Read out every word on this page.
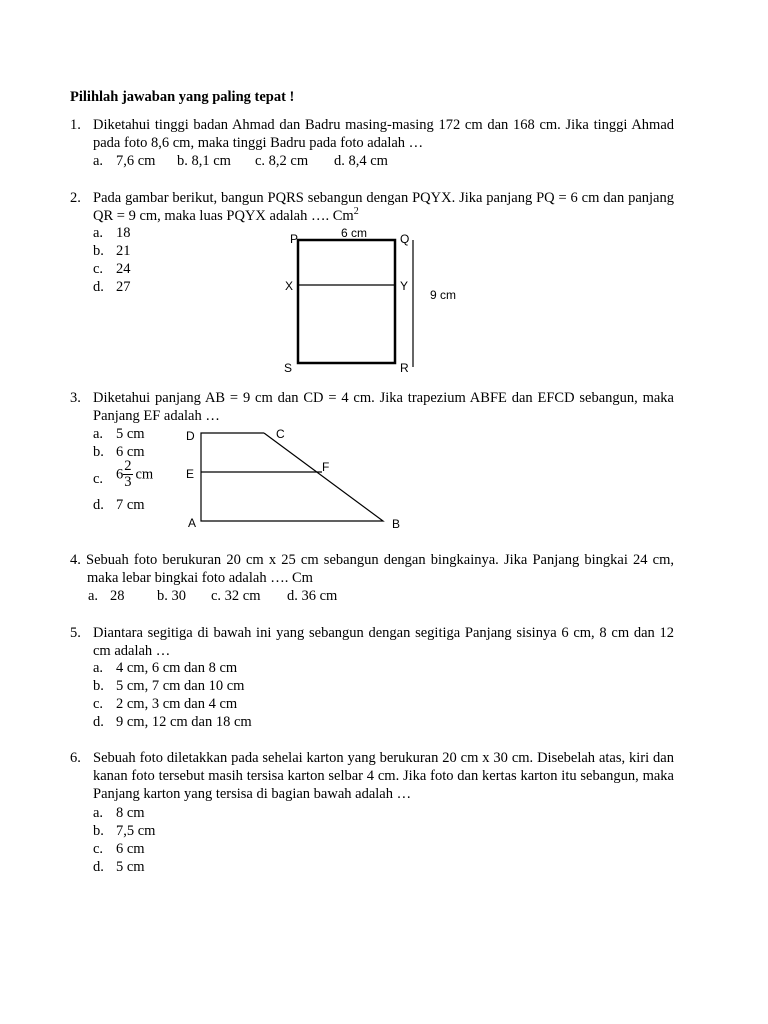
Pilihlah jawaban yang paling tepat !
1. Diketahui tinggi badan Ahmad dan Badru masing-masing 172 cm dan 168 cm. Jika tinggi Ahmad pada foto 8,6 cm, maka tinggi Badru pada foto adalah …
a. 7,6 cm b. 8,1 cm c. 8,2 cm d. 8,4 cm
2. Pada gambar berikut, bangun PQRS sebangun dengan PQYX. Jika panjang PQ = 6 cm dan panjang QR = 9 cm, maka luas PQYX adalah …. Cm$^2$
a. 18
b. 21
c. 24
d. 27
P	6 cm	Q
X	Y
9 cm
S	R
3. Diketahui panjang AB = 9 cm dan CD = 4 cm. Jika trapezium ABFE dan EFCD sebangun, maka Panjang EF adalah …
a. 5 cm
b. 6 cm
c. $6 \frac{2}{3}$ cm
d. 7 cm
D	C
E	F
A	B
4. Sebuah foto berukuran 20 cm x 25 cm sebangun dengan bingkainya. Jika Panjang bingkai 24 cm, maka lebar bingkai foto adalah …. Cm
a. 28 b. 30 c. 32 cm d. 36 cm
5. Diantara segitiga di bawah ini yang sebangun dengan segitiga Panjang sisinya 6 cm, 8 cm dan 12 cm adalah …
a. 4 cm, 6 cm dan 8 cm
b. 5 cm, 7 cm dan 10 cm
c. 2 cm, 3 cm dan 4 cm
d. 9 cm, 12 cm dan 18 cm
6. Sebuah foto diletakkan pada sehelai karton yang berukuran 20 cm x 30 cm. Disebelah atas, kiri dan kanan foto tersebut masih tersisa karton selbar 4 cm. Jika foto dan kertas karton itu sebangun, maka Panjang karton yang tersisa di bagian bawah adalah …
a. 8 cm
b. 7,5 cm
c. 6 cm
d. 5 cm
